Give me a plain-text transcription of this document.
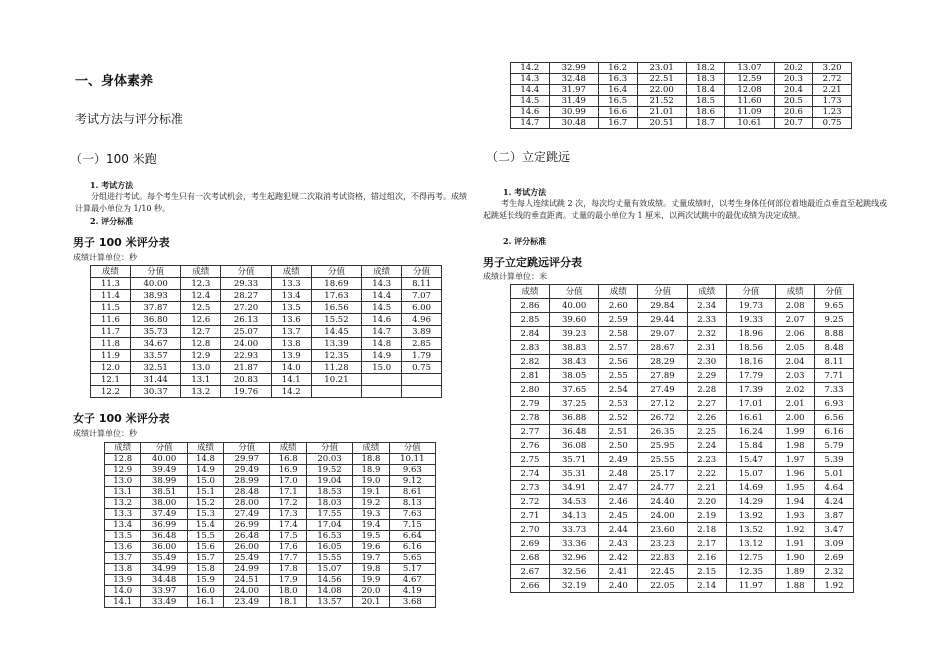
一、身体素养
考试方法与评分标准
（一）100 米跑
1. 考试方法
分组进行考试。每个考生只有一次考试机会，考生起跑犯规二次取消考试资格，错过组次，不得再考。成绩计算最小单位为 1/10 秒。
2. 评分标准
男子 100 米评分表
成绩计算单位：秒
成绩	分值	成绩	分值	成绩	分值	成绩	分值
11.3	40.00	12.3	29.33	13.3	18.69	14.3	8.11
11.4	38.93	12.4	28.27	13.4	17.63	14.4	7.07
11.5	37.87	12.5	27.20	13.5	16.56	14.5	6.00
11.6	36.80	12.6	26.13	13.6	15.52	14.6	4.96
11.7	35.73	12.7	25.07	13.7	14.45	14.7	3.89
11.8	34.67	12.8	24.00	13.8	13.39	14.8	2.85
11.9	33.57	12.9	22.93	13.9	12.35	14.9	1.79
12.0	32.51	13.0	21.87	14.0	11.28	15.0	0.75
12.1	31.44	13.1	20.83	14.1	10.21		
12.2	30.37	13.2	19.76	14.2			
女子 100 米评分表
成绩计算单位：秒
成绩	分值	成绩	分值	成绩	分值	成绩	分值
12.8	40.00	14.8	29.97	16.8	20.03	18.8	10.11
12.9	39.49	14.9	29.49	16.9	19.52	18.9	9.63
13.0	38.99	15.0	28.99	17.0	19.04	19.0	9.12
13.1	38.51	15.1	28.48	17.1	18.53	19.1	8.61
13.2	38.00	15.2	28.00	17.2	18.03	19.2	8.13
13.3	37.49	15.3	27.49	17.3	17.55	19.3	7.63
13.4	36.99	15.4	26.99	17.4	17.04	19.4	7.15
13.5	36.48	15.5	26.48	17.5	16.53	19.5	6.64
13.6	36.00	15.6	26.00	17.6	16.05	19.6	6.16
13.7	35.49	15.7	25.49	17.7	15.55	19.7	5.65
13.8	34.99	15.8	24.99	17.8	15.07	19.8	5.17
13.9	34.48	15.9	24.51	17.9	14.56	19.9	4.67
14.0	33.97	16.0	24.00	18.0	14.08	20.0	4.19
14.1	33.49	16.1	23.49	18.1	13.57	20.1	3.68
14.2	32.99	16.2	23.01	18.2	13.07	20.2	3.20
14.3	32.48	16.3	22.51	18.3	12.59	20.3	2.72
14.4	31.97	16.4	22.00	18.4	12.08	20.4	2.21
14.5	31.49	16.5	21.52	18.5	11.60	20.5	1.73
14.6	30.99	16.6	21.01	18.6	11.09	20.6	1.23
14.7	30.48	16.7	20.51	18.7	10.61	20.7	0.75
（二）立定跳远
1. 考试方法
考生每人连续试跳 2 次，每次均丈量有效成绩。丈量成绩时，以考生身体任何部位着地最近点垂直至起跳线或起跳延长线的垂直距离。丈量的最小单位为 1 厘米，以两次试跳中的最优成绩为决定成绩。
2. 评分标准
男子立定跳远评分表
成绩计算单位：米
成绩	分值	成绩	分值	成绩	分值	成绩	分值
2.86	40.00	2.60	29.84	2.34	19.73	2.08	9.65
2.85	39.60	2.59	29.44	2.33	19.33	2.07	9.25
2.84	39.23	2.58	29.07	2.32	18.96	2.06	8.88
2.83	38.83	2.57	28.67	2.31	18.56	2.05	8.48
2.82	38.43	2.56	28.29	2.30	18.16	2.04	8.11
2.81	38.05	2.55	27.89	2.29	17.79	2.03	7.71
2.80	37.65	2.54	27.49	2.28	17.39	2.02	7.33
2.79	37.25	2.53	27.12	2.27	17.01	2.01	6.93
2.78	36.88	2.52	26.72	2.26	16.61	2.00	6.56
2.77	36.48	2.51	26.35	2.25	16.24	1.99	6.16
2.76	36.08	2.50	25.95	2.24	15.84	1.98	5.79
2.75	35.71	2.49	25.55	2.23	15.47	1.97	5.39
2.74	35.31	2.48	25.17	2.22	15.07	1.96	5.01
2.73	34.91	2.47	24.77	2.21	14.69	1.95	4.64
2.72	34.53	2.46	24.40	2.20	14.29	1.94	4.24
2.71	34.13	2.45	24.00	2.19	13.92	1.93	3.87
2.70	33.73	2.44	23.60	2.18	13.52	1.92	3.47
2.69	33.36	2.43	23.23	2.17	13.12	1.91	3.09
2.68	32.96	2.42	22.83	2.16	12.75	1.90	2.69
2.67	32.56	2.41	22.45	2.15	12.35	1.89	2.32
2.66	32.19	2.40	22.05	2.14	11.97	1.88	1.92
